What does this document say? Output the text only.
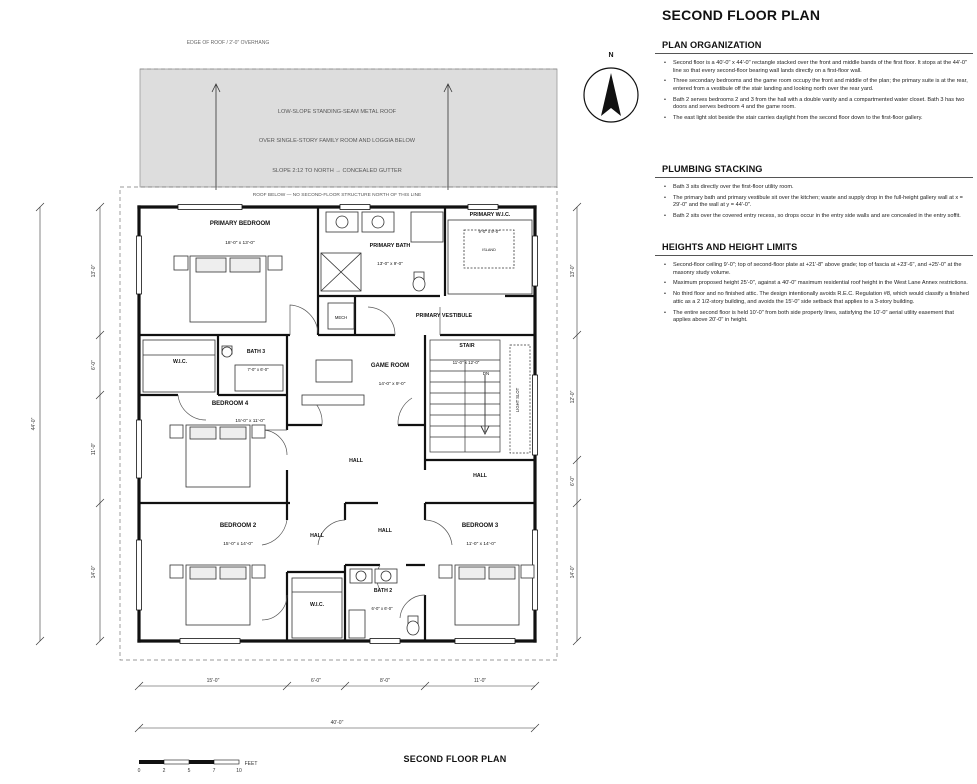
EDGE OF ROOF / 2'-0" OVERHANG
LOW-SLOPE STANDING-SEAM METAL ROOF
OVER SINGLE-STORY FAMILY ROOM AND LOGGIA BELOW
SLOPE 2:12 TO NORTH → CONCEALED GUTTER
ROOF BELOW — NO SECOND-FLOOR STRUCTURE NORTH OF THIS LINE
PRIMARY BEDROOM
18'-0" x 13'-0"	PRIMARY BATH
13'-0" x 9'-0"
PRIMARY W.I.C.
9'-0" x 9'-0"
ISLAND
MECH	PRIMARY VESTIBULE
W.I.C.
BATH 3
7'-0" x 6'-0"
GAME ROOM
14'-0" x 9'-0"
STAIR
11'-0" x 12'-0"
DN
LIGHT SLOT
BEDROOM 4
15'-0" x 11'-0"
HALL
HALL
HALL
HALL
BEDROOM 2
15'-0" x 14'-0"
W.I.C.
BATH 2
6'-0" x 6'-0"
BEDROOM 3
11'-0" x 14'-0"
44'-0"
13'-0"
6'-0"
11'-0"
14'-0"
13'-0"
12'-0"
6'-0"
14'-0"
15'-0"	6'-0"	8'-0"	11'-0"
40'-0"
N
0	2	5	7	10
FEET	SECOND FLOOR PLAN
SECOND FLOOR PLAN
PLAN ORGANIZATION
• Second floor is a 40'-0" x 44'-0" rectangle stacked over the front and middle bands of the first floor. It stops at the 44'-0" line so that every second-floor bearing wall lands directly on a first-floor wall.
• Three secondary bedrooms and the game room occupy the front and middle of the plan; the primary suite is at the rear, entered from a vestibule off the stair landing and looking north over the rear yard.
• Bath 2 serves bedrooms 2 and 3 from the hall with a double vanity and a compartmented water closet. Bath 3 has two doors and serves bedroom 4 and the game room.
• The east light slot beside the stair carries daylight from the second floor down to the first-floor gallery.
PLUMBING STACKING
• Bath 3 sits directly over the first-floor utility room.
• The primary bath and primary vestibule sit over the kitchen; waste and supply drop in the full-height gallery wall at x = 29'-0" and the wall at y = 44'-0".
• Bath 2 sits over the covered entry recess, so drops occur in the entry side walls and are concealed in the entry soffit.
HEIGHTS AND HEIGHT LIMITS
• Second-floor ceiling 9'-0"; top of second-floor plate at +21'-8" above grade; top of fascia at +23'-6", and +25'-0" at the masonry study volume.
• Maximum proposed height 25'-0", against a 40'-0" maximum residential roof height in the West Lane Annex restrictions.
• No third floor and no finished attic. The design intentionally avoids R.E.C. Regulation #8, which would classify a finished attic as a 2 1/2-story building, and avoids the 15'-0" side setback that applies to a 3-story building.
• The entire second floor is held 10'-0" from both side property lines, satisfying the 10'-0" aerial utility easement that applies above 20'-0" in height.
